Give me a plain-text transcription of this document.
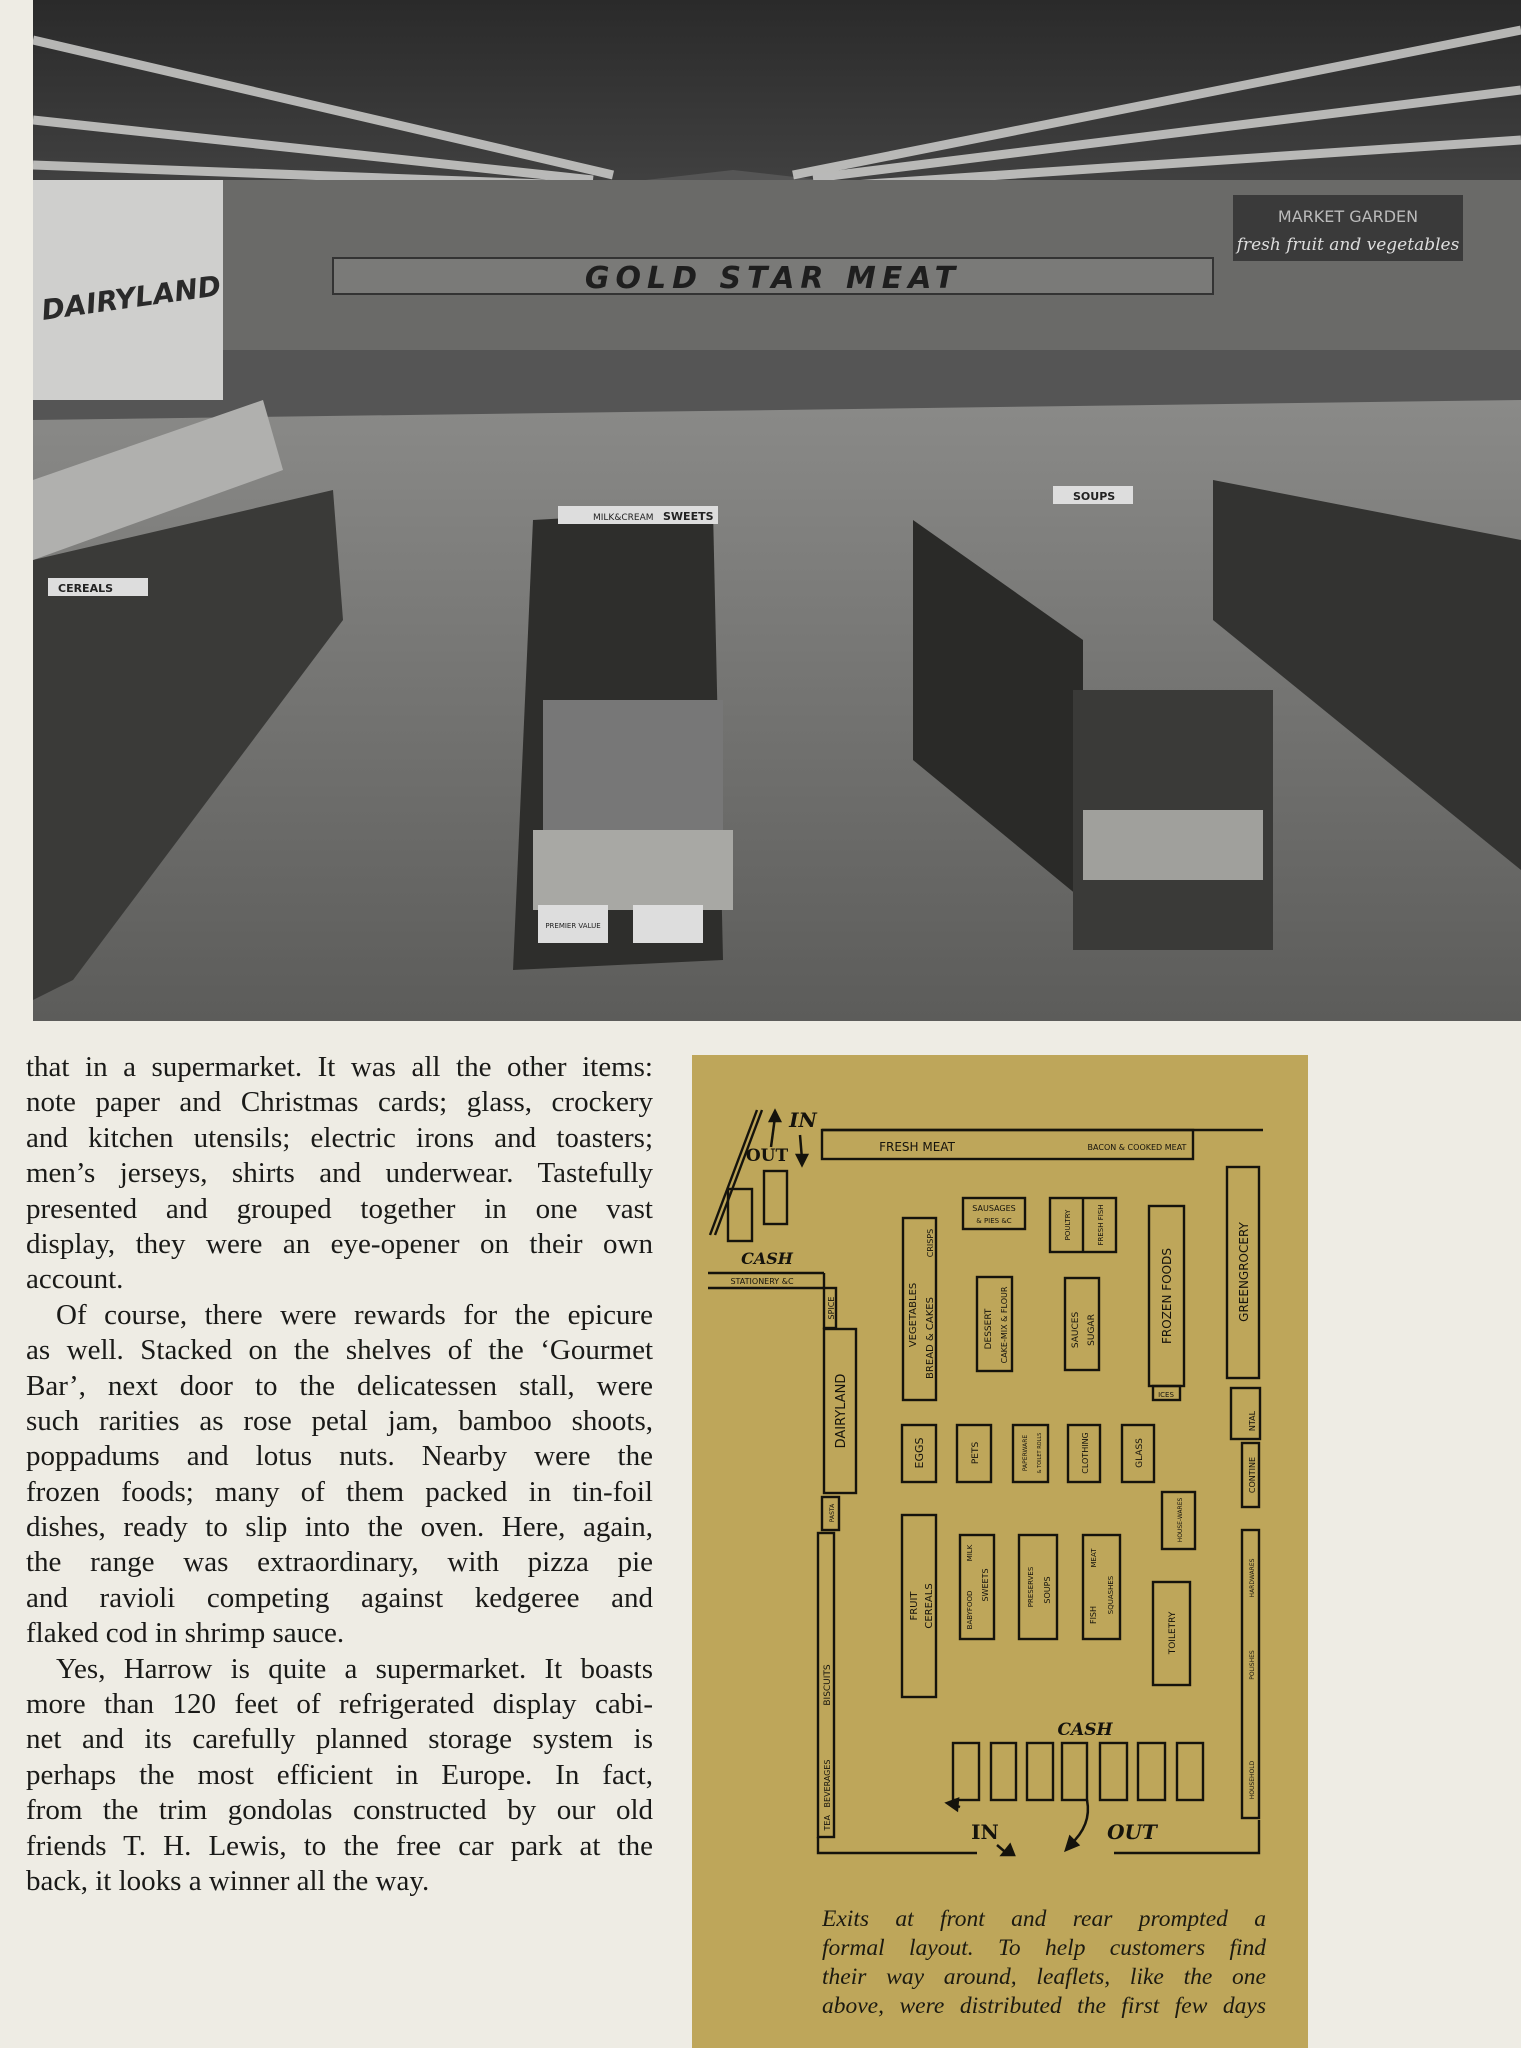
GOLD STAR MEAT
DAIRYLAND
MARKET GARDEN
fresh fruit and vegetables
PREMIER VALUE
MILK&CREAM SWEETS
CEREALS
SOUPS
that in a supermarket. It was all the other items:
note paper and Christmas cards; glass, crockery
and kitchen utensils; electric irons and toasters;
men’s jerseys, shirts and underwear. Tastefully
presented and grouped together in one vast
display, they were an eye-opener on their own
account.
Of course, there were rewards for the epicure
as well. Stacked on the shelves of the ‘Gourmet
Bar’, next door to the delicatessen stall, were
such rarities as rose petal jam, bamboo shoots,
poppadums and lotus nuts. Nearby were the
frozen foods; many of them packed in tin-foil
dishes, ready to slip into the oven. Here, again,
the range was extraordinary, with pizza pie
and ravioli competing against kedgeree and
flaked cod in shrimp sauce.
Yes, Harrow is quite a supermarket. It boasts
more than 120 feet of refrigerated display cabi-
net and its carefully planned storage system is
perhaps the most efficient in Europe. In fact,
from the trim gondolas constructed by our old
friends T. H. Lewis, to the free car park at the
back, it looks a winner all the way.
IN
OUT
CASH
FRESH MEAT	BACON & COOKED MEAT
STATIONERY &C
SPICE
DAIRYLAND
PASTA
TEA   BEVERAGES
BISCUITS
VEGETABLES BREAD & CAKES
CRISPS
SAUSAGES
& PIES &C
DESSERT CAKE-MIX & FLOUR
POULTRY	FRESH FISH
SAUCES SUGAR	FROZEN FOODS
ICES
GREENGROCERY
NTAL
CONTINE
EGGS	PETS	PAPERWARE & TOILET ROLLS	CLOTHING	GLASS
HOUSE-WARES
FRUIT CEREALS	BABYFOOD
MILK
SWEETS	PRESERVES SOUPS
FISH
MEAT
SQUASHES
TOILETRY
HARDWARES
POLISHES
HOUSEHOLD
CASH
IN	OUT
Exits at front and rear prompted a
formal layout. To help customers find
their way around, leaflets, like the one
above, were distributed the first few days
